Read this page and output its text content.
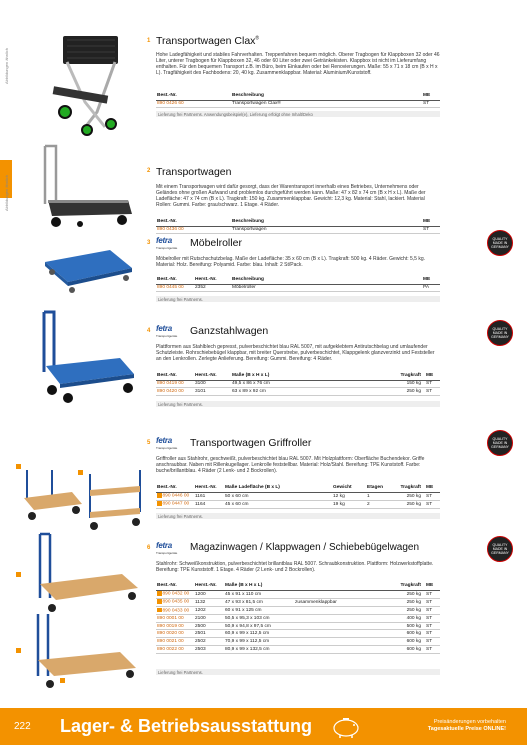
Abbildungen ähnlich
Abbildungen ähnlich
1 Transportwagen Clax®
Hohe Ladegfähigkeit und stabiles Fahrverhalten. Treppenfahren bequem möglich. Oberer Tragbogen für Klappboxen 32 oder 46 Liter, unterer Tragbogen für Klappboxen 32, 46 oder 60 Liter oder zwei Getränkekisten. Klappbox ist nicht im Lieferumfang enthalten. Für den bequemen Transport z.B. im Büro, beim Einkaufen oder bei Renovierungen. Maße: 55 x 71 x 18 cm (B x H x L). Tragfähigkeit des Fachbodens: 20, 40 kg. Zusammenklappbar. Material: Aluminium/Kunststoff.
Best.-Nr.	Beschreibung	ME
890 0426 60	Transportwagen Clax®	ST
Lieferung frei Partnerns. Anwendungsbeispiel(e), Lieferung erfolgt ohne Inhalt/Deko
2 Transportwagen
Mit einem Transportwagen wird dafür gesorgt, dass der Warentransport innerhalb eines Betriebes, Unternehmens oder Geländes ohne großen Aufwand und problemlos durchgeführt werden kann. Maße: 47 x 82 x 74 cm (B x H x L). Maße der Ladefläche: 47 x 74 cm (B x L). Tragkraft: 150 kg. Zusammenklappbar. Gewicht: 12,3 kg. Material: Stahl, lackiert. Material Rollen: Gummi. Farbe: grau/schwarz. 1 Etage. 4 Räder.
Best.-Nr.	Beschreibung	ME
890 0436 00	Transportwagen	ST
3 fetra
Transportgeräte Möbelroller	QUALITY MADE IN GERMANY
Möbelroller mit Rutschschutzbelag. Maße der Ladefläche: 35 x 60 cm (B x L). Tragkraft: 500 kg. 4 Räder. Gewicht: 5,5 kg. Material: Holz. Bereifung: Polyamid. Farbe: blau. Inhalt: 2 St/Pack.
Best.-Nr.	Herst.-Nr.	Beschreibung	ME
890 0445 00	2352	Möbelroller	PA
Lieferung frei Partnerns.
4 fetra
Transportgeräte Ganzstahlwagen	QUALITY MADE IN GERMANY
Plattformen aus Stahlblech gepresst, pulverbeschichtet blau RAL 5007, mit aufgeklebtem Antirutschbelag und umlaufender Schutzleiste. Rohrschiebebügel klappbar, mit breiter Querstrebe, pulverbeschichtet, Klappgelenk glanzverzinkt und Feststeller an den Lenkrollen. Zerlegte Anlieferung. Bereifung: Gummi. Bereifung: 4 Räder.
Best.-Nr.	Herst.-Nr.	Maße (B x H x L)	Tragkraft	ME
890 0419 00	3100	49,5 x 86 x 76 cm	150 kg	ST
890 0420 00	3101	63 x 89 x 92 cm	250 kg	ST
Lieferung frei Partnerns.
5 fetra
Transportgeräte Transportwagen Griffroller	QUALITY MADE IN GERMANY
Griffroller aus Stahlrohr, geschweißt, pulverbeschichtet blau RAL 5007. Mit Holzplattform: Oberfläche Buchendekor. Griffe anschraubbar. Naben mit Rillenkugellager. Lenkrolle feststellbar. Material: Holz/Stahl. Bereifung: TPE Kunststoff. Farbe: buche/brillantblau. 4 Räder (2 Lenk- und 2 Bockrollen).
Best.-Nr.	Herst.-Nr.	Maße Ladefläche (B x L)	Gewicht	Etagen	Tragkraft	ME
890 0446 00	1161	50 x 60 cm	12 kg	1	250 kg	ST
890 0447 00	1164	45 x 60 cm	19 kg	2	250 kg	ST
Lieferung frei Partnerns.
6 fetra
Transportgeräte Magazinwagen / Klappwagen / Schiebebügelwagen	QUALITY MADE IN GERMANY
Stahlrohr: Schweißkonstruktion, pulverbeschichtet brillantblau RAL 5007. Schraubkonstruktion. Plattform: Holzwerkstoffplatte. Bereifung: TPE Kunststoff. 1 Etage. 4 Räder (2 Lenk- und 2 Bockrollen).
Best.-Nr.	Herst.-Nr.	Maße (B x H x L)		Tragkraft	ME
890 0432 00	1200	45 x 91 x 110 cm		250 kg	ST
890 0435 00	1132	47 x 93 x 81,5 cm	zusammenklappbar	250 kg	ST
890 0433 00	1202	60 x 91 x 125 cm		250 kg	ST
890 0001 00	2100	50,5 x 95,3 x 103 cm		400 kg	ST
890 0019 00	2500	50,9 x 94,8 x 97,5 cm		500 kg	ST
890 0020 00	2501	60,9 x 99 x 112,5 cm		600 kg	ST
890 0021 00	2502	70,9 x 99 x 112,5 cm		600 kg	ST
890 0022 00	2503	80,9 x 99 x 132,5 cm		600 kg	ST
Lieferung frei Partnerns.
222 Lager- & Betriebsausstattung	Preisänderungen vorbehalten
Tagesaktuelle Preise ONLINE!
